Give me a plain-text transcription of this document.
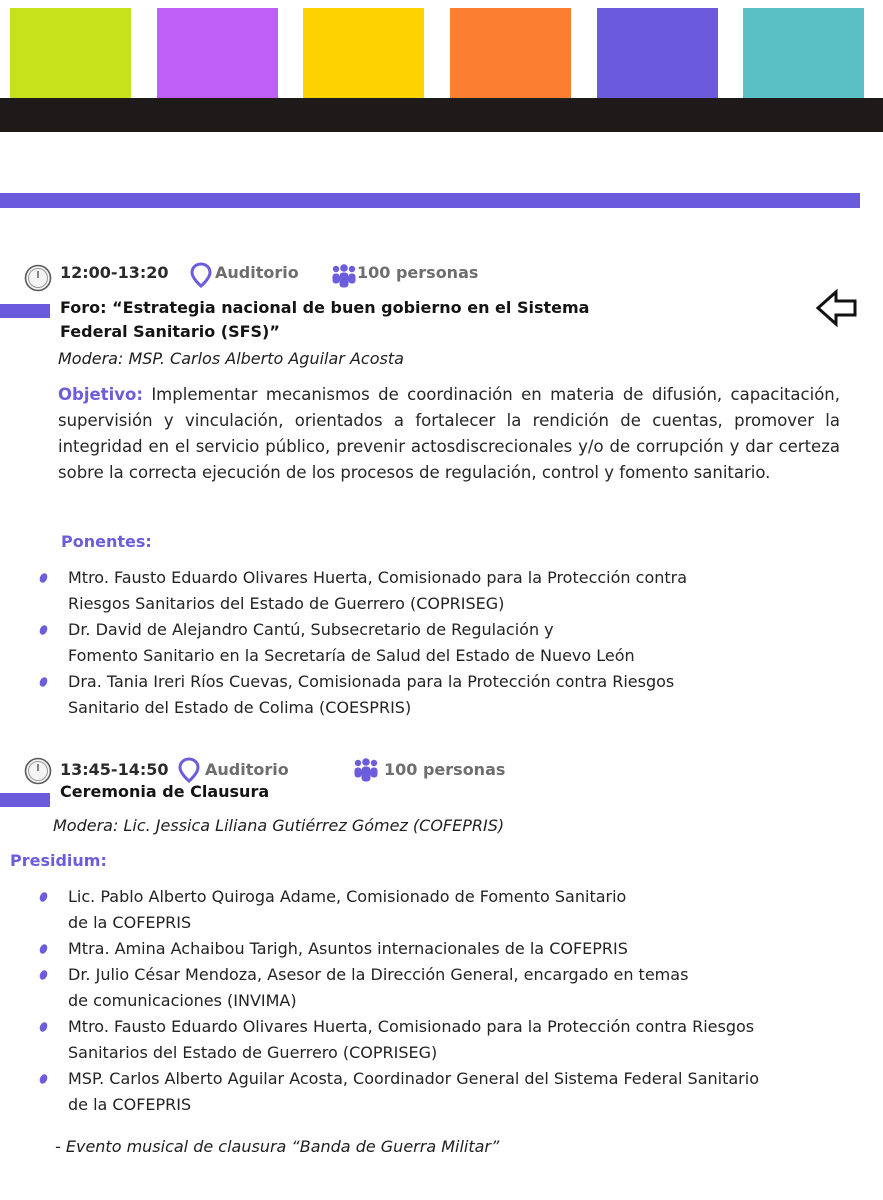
12:00-13:20	Auditorio	100 personas
Foro: “Estrategia nacional de buen gobierno en el Sistema
Federal Sanitario (SFS)”
Modera: MSP. Carlos Alberto Aguilar Acosta

Objetivo: Implementar mecanismos de coordinación en materia de difusión, capacitación, supervisión y vinculación, orientados a fortalecer la rendición de cuentas, promover la integridad en el servicio público, prevenir actosdiscrecionales y/o de corrupción y dar certeza sobre la correcta ejecución de los procesos de regulación, control y fomento sanitario.

Ponentes:
Mtro. Fausto Eduardo Olivares Huerta, Comisionado para la Protección contra
Riesgos Sanitarios del Estado de Guerrero (COPRISEG)
Dr. David de Alejandro Cantú, Subsecretario de Regulación y
Fomento Sanitario en la Secretaría de Salud del Estado de Nuevo León
Dra. Tania Ireri Ríos Cuevas, Comisionada para la Protección contra Riesgos
Sanitario del Estado de Colima (COESPRIS)
13:45-14:50 Auditorio	100 personas
Ceremonia de Clausura
Modera: Lic. Jessica Liliana Gutiérrez Gómez (COFEPRIS)
Presidium:
Lic. Pablo Alberto Quiroga Adame, Comisionado de Fomento Sanitario
de la COFEPRIS
Mtra. Amina Achaibou Tarigh, Asuntos internacionales de la COFEPRIS
Dr. Julio César Mendoza, Asesor de la Dirección General, encargado en temas
de comunicaciones (INVIMA)
Mtro. Fausto Eduardo Olivares Huerta, Comisionado para la Protección contra Riesgos
Sanitarios del Estado de Guerrero (COPRISEG)
MSP. Carlos Alberto Aguilar Acosta, Coordinador General del Sistema Federal Sanitario
de la COFEPRIS
- Evento musical de clausura “Banda de Guerra Militar”
